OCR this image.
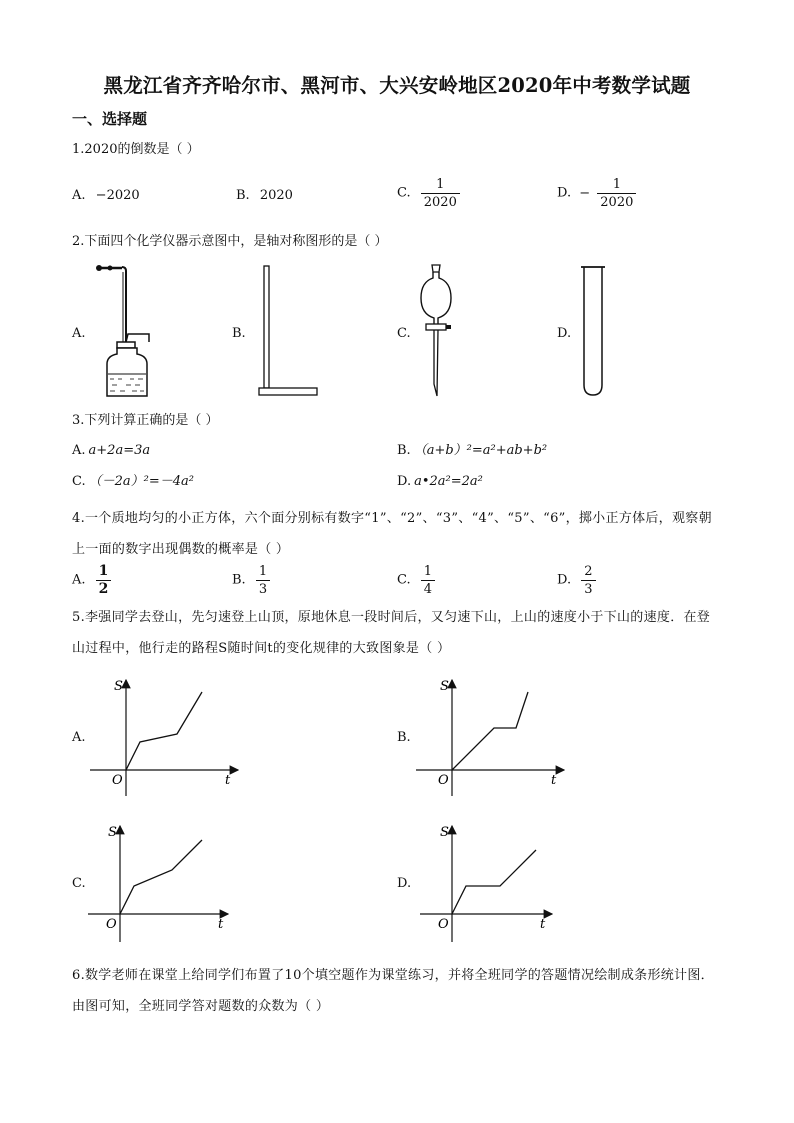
黑龙江省齐齐哈尔市、黑河市、大兴安岭地区2020年中考数学试题
一、选择题
1.2020的倒数是（ ）
A. −2020	B. 2020	C. $\frac{1}{2020}$	D. − $\frac{1}{2020}$
2.下面四个化学仪器示意图中，是轴对称图形的是（ ）
A.	B.	C.	D.
3.下列计算正确的是（ ）
A. a+2a=3a	B. （a+b）²=a²+ab+b²
C. （－2a）²=－4a²	D. a•2a²=2a²
4.一个质地均匀的小正方体，六个面分别标有数字“1”、“2”、“3”、“4”、“5”、“6”，掷小正方体后，观察朝上一面的数字出现偶数的概率是（ ）
A. $\frac{1}{2}$	B. $\frac{1}{3}$	C. $\frac{1}{4}$	D. $\frac{2}{3}$
5.李强同学去登山，先匀速登上山顶，原地休息一段时间后，又匀速下山，上山的速度小于下山的速度．在登山过程中，他行走的路程S随时间t的变化规律的大致图象是（ ）
A.
S
t
O
B.
S
t
O
C.
S
t
O
D.
S
t
O
6.数学老师在课堂上给同学们布置了10个填空题作为课堂练习，并将全班同学的答题情况绘制成条形统计图．由图可知，全班同学答对题数的众数为（ ）
